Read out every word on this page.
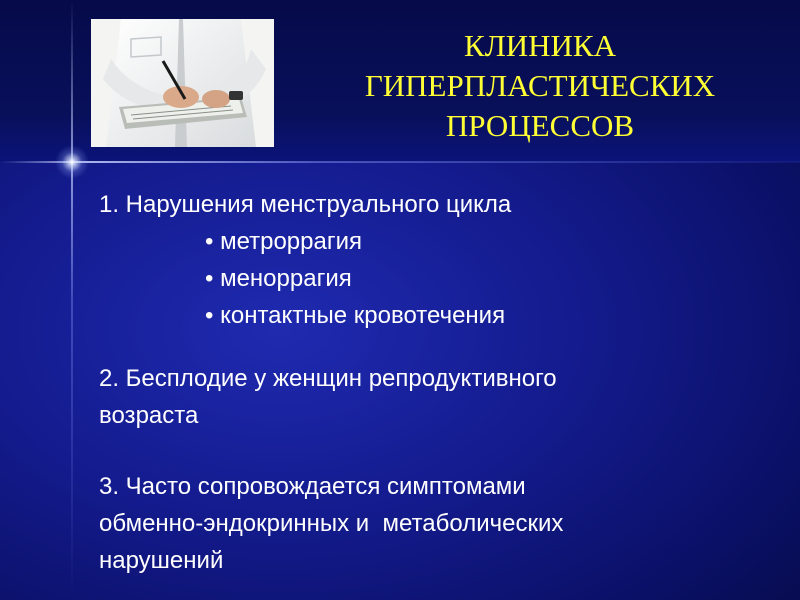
КЛИНИКА
ГИПЕРПЛАСТИЧЕСКИХ
ПРОЦЕССОВ

1. Нарушения менструального цикла

• метроррагия

• меноррагия

• контактные кровотечения

2. Бесплодие у женщин репродуктивного

возраста

3. Часто сопровождается симптомами

обменно-эндокринных и  метаболических

нарушений
